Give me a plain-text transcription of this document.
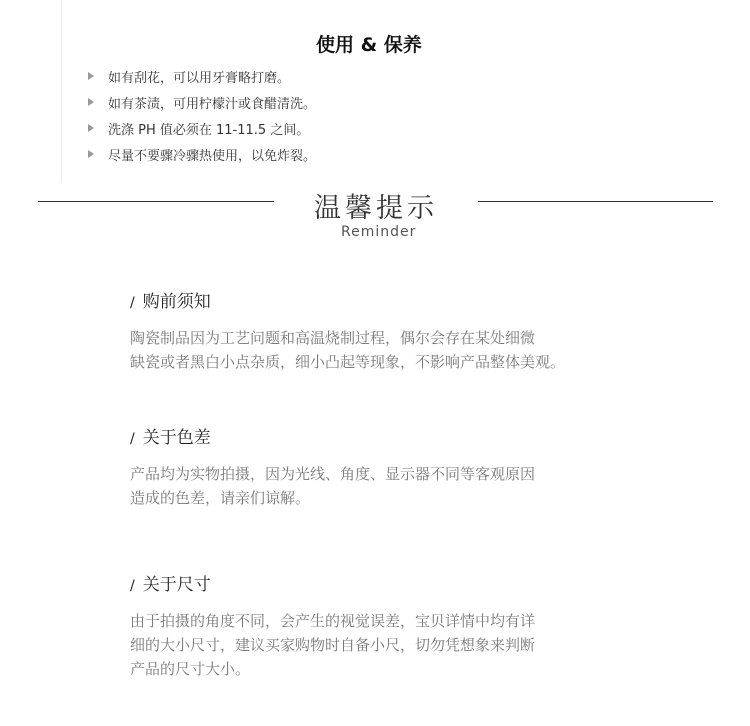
使用 & 保养
如有刮花，可以用牙膏略打磨。
如有茶渍，可用柠檬汁或食醋清洗。
洗涤 PH 值必须在 11-11.5 之间。
尽量不要骤冷骤热使用，以免炸裂。
温馨提示
Reminder
/ 购前须知

陶瓷制品因为工艺问题和高温烧制过程，偶尔会存在某处细微
缺瓷或者黑白小点杂质，细小凸起等现象，不影响产品整体美观。

/ 关于色差

产品均为实物拍摄，因为光线、角度、显示器不同等客观原因
造成的色差，请亲们谅解。

/ 关于尺寸

由于拍摄的角度不同，会产生的视觉误差，宝贝详情中均有详
细的大小尺寸，建议买家购物时自备小尺，切勿凭想象来判断
产品的尺寸大小。
